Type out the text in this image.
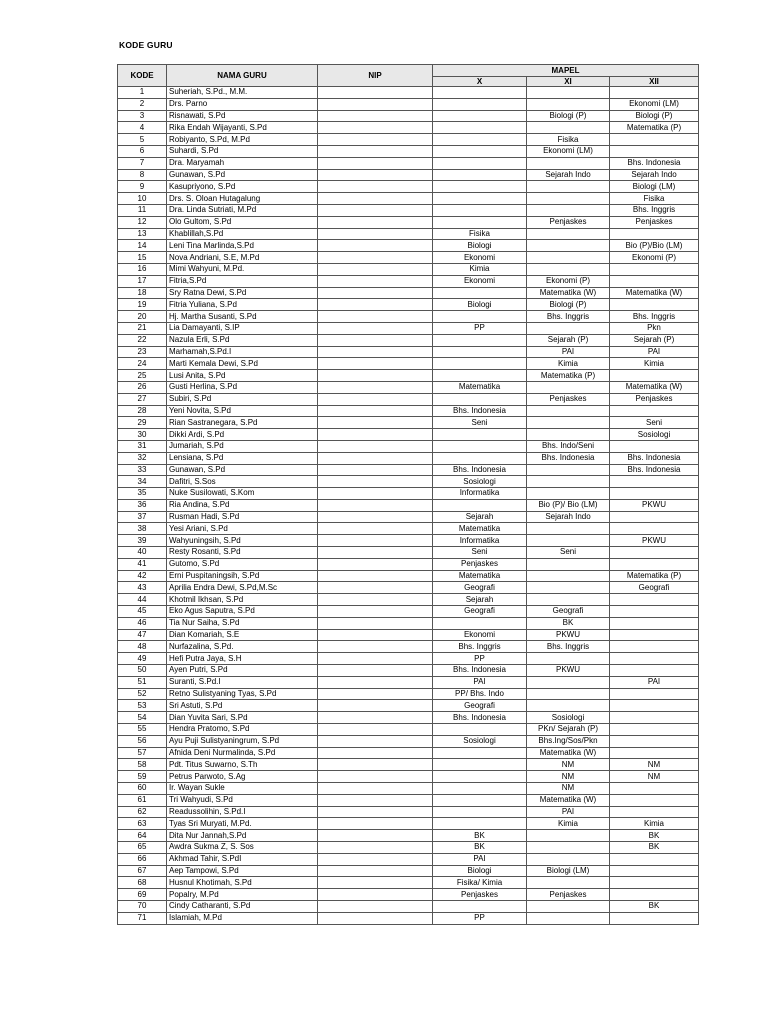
KODE GURU
KODE	NAMA GURU	NIP	MAPEL		
			X	XI	XII
1	Suheriah, S.Pd., M.M.				
2	Drs. Parno				Ekonomi (LM)
3	Risnawati, S.Pd			Biologi (P)	Biologi (P)
4	Rika Endah Wijayanti, S.Pd				Matematika (P)
5	Robiyanto, S.Pd, M.Pd			Fisika	
6	Suhardi, S.Pd			Ekonomi (LM)	
7	Dra. Maryamah				Bhs. Indonesia
8	Gunawan, S.Pd			Sejarah Indo	Sejarah Indo
9	Kasupriyono, S.Pd				Biologi (LM)
10	Drs. S. Oloan Hutagalung				Fisika
11	Dra. Linda Sutriati, M.Pd				Bhs. Inggris
12	Olo Gultom, S.Pd			Penjaskes	Penjaskes
13	Khablillah,S.Pd		Fisika		
14	Leni Tina Marlinda,S.Pd		Biologi		Bio (P)/Bio (LM)
15	Nova Andriani, S.E, M.Pd		Ekonomi		Ekonomi (P)
16	Mimi Wahyuni, M.Pd.		Kimia		
17	Fitria,S.Pd		Ekonomi	Ekonomi (P)	
18	Sry Ratna Dewi, S.Pd			Matematika (W)	Matematika (W)
19	Fitria Yuliana, S.Pd		Biologi	Biologi (P)	
20	Hj. Martha Susanti, S.Pd			Bhs. Inggris	Bhs. Inggris
21	Lia Damayanti, S.IP		PP		Pkn
22	Nazula Erli, S.Pd			Sejarah (P)	Sejarah (P)
23	Marhamah,S.Pd.I			PAI	PAI
24	Marti Kemala Dewi, S.Pd			Kimia	Kimia
25	Lusi Anita, S.Pd			Matematika (P)	
26	Gusti Herlina, S.Pd		Matematika		Matematika (W)
27	Subiri, S.Pd			Penjaskes	Penjaskes
28	Yeni Novita, S.Pd		Bhs. Indonesia		
29	Rian Sastranegara, S.Pd		Seni		Seni
30	Dikki Ardi, S.Pd				Sosiologi
31	Jumariah, S.Pd			Bhs. Indo/Seni	
32	Lensiana, S.Pd			Bhs. Indonesia	Bhs. Indonesia
33	Gunawan, S.Pd		Bhs. Indonesia		Bhs. Indonesia
34	Dafitri, S.Sos		Sosiologi		
35	Nuke Susilowati, S.Kom		Informatika		
36	Ria Andina, S.Pd			Bio (P)/ Bio (LM)	PKWU
37	Rusman Hadi, S.Pd		Sejarah	Sejarah Indo	
38	Yesi Ariani, S.Pd		Matematika		
39	Wahyuningsih, S.Pd		Informatika		PKWU
40	Resty Rosanti, S.Pd		Seni	Seni	
41	Gutomo, S.Pd		Penjaskes		
42	Erni Puspitaningsih, S.Pd		Matematika		Matematika (P)
43	Aprilia Endra Dewi, S.Pd,M.Sc		Geografi		Geografi
44	Khotmil Ikhsan, S.Pd		Sejarah		
45	Eko Agus Saputra, S.Pd		Geografi	Geografi	
46	Tia Nur Saiha, S.Pd			BK	
47	Dian Komariah, S.E		Ekonomi	PKWU	
48	Nurfazalina, S.Pd.		Bhs. Inggris	Bhs. Inggris	
49	Hefi Putra Jaya, S.H		PP		
50	Ayen Putri, S.Pd		Bhs. Indonesia	PKWU	
51	Suranti, S.Pd.I		PAI		PAI
52	Retno Sulistyaning Tyas, S.Pd		PP/ Bhs. Indo		
53	Sri Astuti, S.Pd		Geografi		
54	Dian Yuvita Sari, S.Pd		Bhs. Indonesia	Sosiologi	
55	Hendra Pratomo, S.Pd			PKn/ Sejarah (P)	
56	Ayu Puji Sulistyaningrum, S.Pd		Sosiologi	Bhs.Ing/Sos/Pkn	
57	Afnida Deni Nurmalinda, S.Pd			Matematika (W)	
58	Pdt. Titus Suwarno, S.Th			NM	NM
59	Petrus Parwoto, S.Ag			NM	NM
60	Ir. Wayan Sukle			NM	
61	Tri Wahyudi, S.Pd			Matematika (W)	
62	Readussolihin, S.Pd.I			PAI	
63	Tyas Sri Muryati, M.Pd.			Kimia	Kimia
64	Dita Nur Jannah,S.Pd		BK		BK
65	Awdra Sukma Z, S. Sos		BK		BK
66	Akhmad Tahir, S.PdI		PAI		
67	Aep Tampowi, S.Pd		Biologi	Biologi (LM)	
68	Husnul Khotimah, S.Pd		Fisika/ Kimia		
69	Popalry, M.Pd		Penjaskes	Penjaskes	
70	Cindy Catharanti, S.Pd				BK
71	Islamiah, M.Pd		PP		
